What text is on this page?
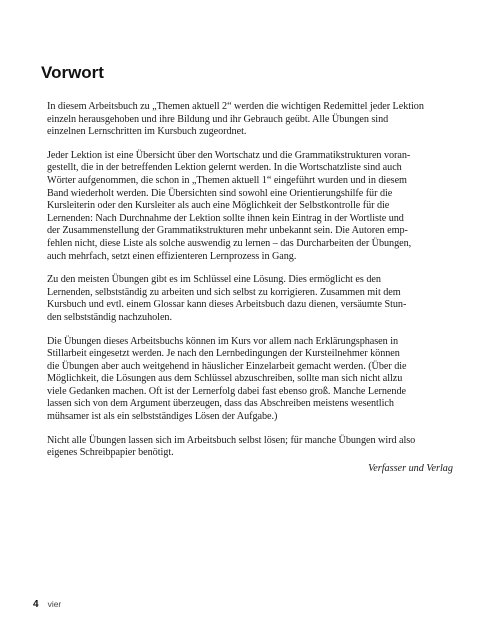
Vorwort

In diesem Arbeitsbuch zu „Themen aktuell 2“ werden die wichtigen Redemittel jeder Lektion
einzeln herausgehoben und ihre Bildung und ihr Gebrauch geübt. Alle Übungen sind
einzelnen Lernschritten im Kursbuch zugeordnet.

Jeder Lektion ist eine Übersicht über den Wortschatz und die Grammatikstrukturen voran-
gestellt, die in der betreffenden Lektion gelernt werden. In die Wortschatzliste sind auch
Wörter aufgenommen, die schon in „Themen aktuell 1“ eingeführt wurden und in diesem
Band wiederholt werden. Die Übersichten sind sowohl eine Orientierungshilfe für die
Kursleiterin oder den Kursleiter als auch eine Möglichkeit der Selbstkontrolle für die
Lernenden: Nach Durchnahme der Lektion sollte ihnen kein Eintrag in der Wortliste und
der Zusammenstellung der Grammatikstrukturen mehr unbekannt sein. Die Autoren emp-
fehlen nicht, diese Liste als solche auswendig zu lernen – das Durcharbeiten der Übungen,
auch mehrfach, setzt einen effizienteren Lernprozess in Gang.

Zu den meisten Übungen gibt es im Schlüssel eine Lösung. Dies ermöglicht es den
Lernenden, selbstständig zu arbeiten und sich selbst zu korrigieren. Zusammen mit dem
Kursbuch und evtl. einem Glossar kann dieses Arbeitsbuch dazu dienen, versäumte Stun-
den selbstständig nachzuholen.

Die Übungen dieses Arbeitsbuchs können im Kurs vor allem nach Erklärungsphasen in
Stillarbeit eingesetzt werden. Je nach den Lernbedingungen der Kursteilnehmer können
die Übungen aber auch weitgehend in häuslicher Einzelarbeit gemacht werden. (Über die
Möglichkeit, die Lösungen aus dem Schlüssel abzuschreiben, sollte man sich nicht allzu
viele Gedanken machen. Oft ist der Lernerfolg dabei fast ebenso groß. Manche Lernende
lassen sich von dem Argument überzeugen, dass das Abschreiben meistens wesentlich
mühsamer ist als ein selbstständiges Lösen der Aufgabe.)

Nicht alle Übungen lassen sich im Arbeitsbuch selbst lösen; für manche Übungen wird also
eigenes Schreibpapier benötigt.

Verfasser und Verlag

4 vier
